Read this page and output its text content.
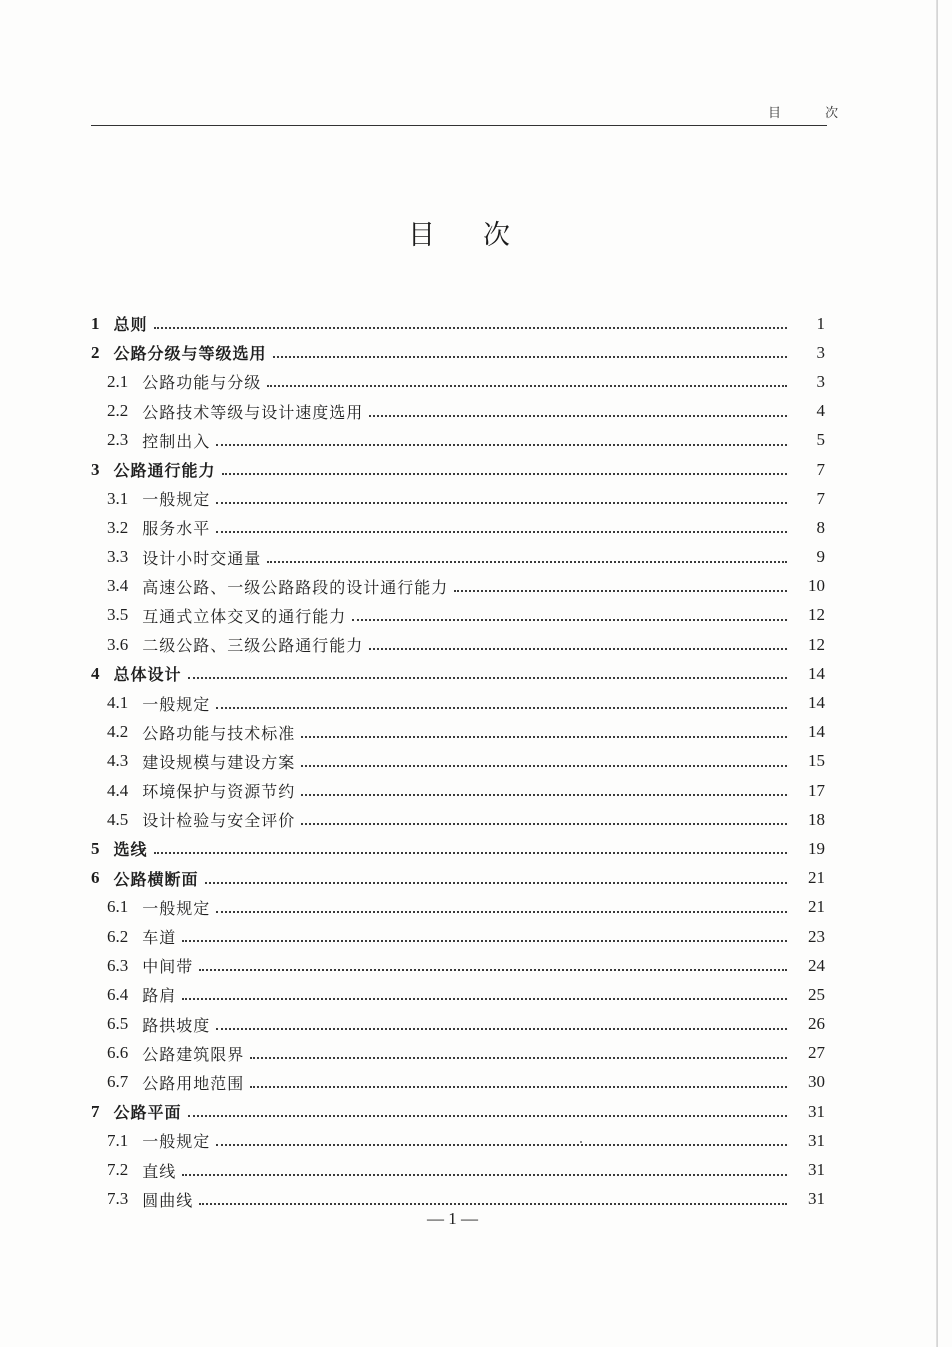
目 次
目次
1 总则	1
2 公路分级与等级选用	3
2.1 公路功能与分级	3
2.2 公路技术等级与设计速度选用	4
2.3 控制出入	5
3 公路通行能力	7
3.1 一般规定	7
3.2 服务水平	8
3.3 设计小时交通量	9
3.4 高速公路、一级公路路段的设计通行能力	10
3.5 互通式立体交叉的通行能力	12
3.6 二级公路、三级公路通行能力	12
4 总体设计	14
4.1 一般规定	14
4.2 公路功能与技术标准	14
4.3 建设规模与建设方案	15
4.4 环境保护与资源节约	17
4.5 设计检验与安全评价	18
5 选线	19
6 公路横断面	21
6.1 一般规定	21
6.2 车道	23
6.3 中间带	24
6.4 路肩	25
6.5 路拱坡度	26
6.6 公路建筑限界	27
6.7 公路用地范围	30
7 公路平面	31
7.1 一般规定	31
7.2 直线	31
7.3 圆曲线	31
— 1 —
